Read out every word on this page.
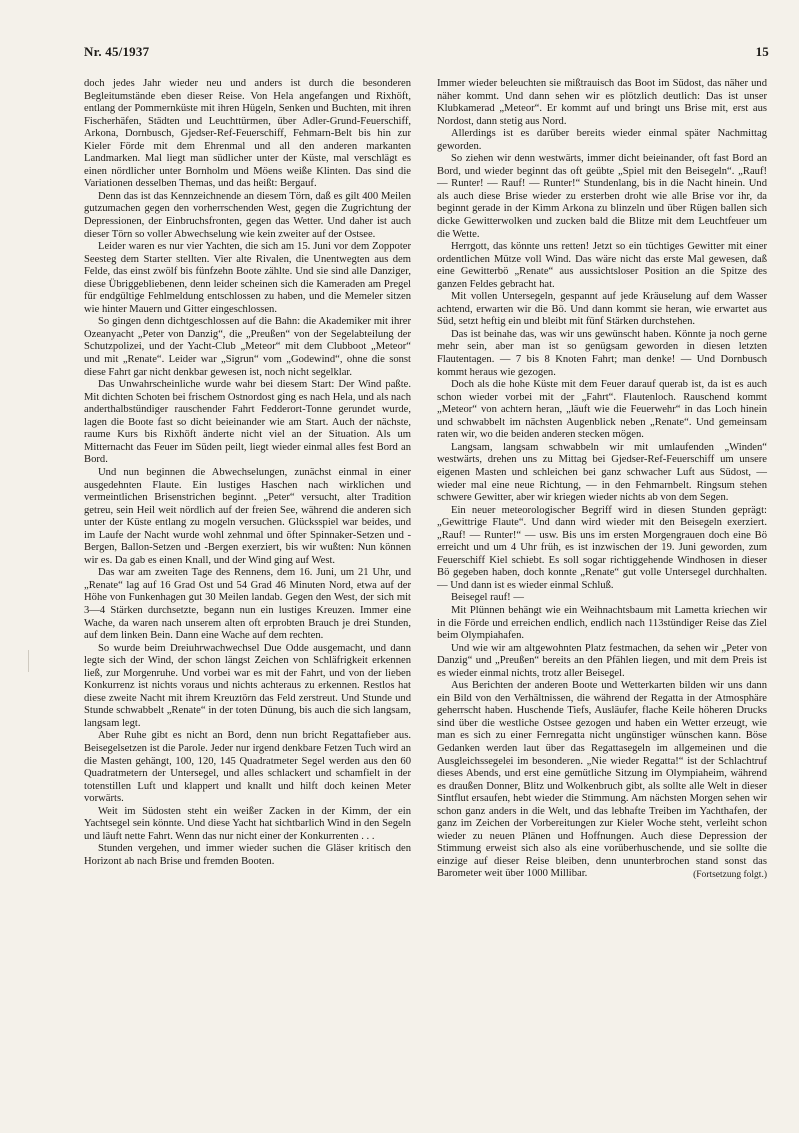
Nr. 45/1937	15

doch jedes Jahr wieder neu und anders ist durch die besonderen Begleitumstände eben dieser Reise. Von Hela angefangen und Rixhöft, entlang der Pommernküste mit ihren Hügeln, Senken und Buchten, mit ihren Fischerhäfen, Städten und Leuchttürmen, über Adler-Grund-Feuerschiff, Arkona, Dornbusch, Gjedser-Ref-Feuerschiff, Fehmarn-Belt bis hin zur Kieler Förde mit dem Ehrenmal und all den anderen markanten Landmarken. Mal liegt man südlicher unter der Küste, mal verschlägt es einen nördlicher unter Bornholm und Möens weiße Klinten. Das sind die Variationen desselben Themas, und das heißt: Bergauf.

Denn das ist das Kennzeichnende an diesem Törn, daß es gilt 400 Meilen gutzumachen gegen den vorherrschenden West, gegen die Zugrichtung der Depressionen, der Einbruchsfronten, gegen das Wetter. Und daher ist auch dieser Törn so voller Abwechselung wie kein zweiter auf der Ostsee.

Leider waren es nur vier Yachten, die sich am 15. Juni vor dem Zoppoter Seesteg dem Starter stellten. Vier alte Rivalen, die Unentwegten aus dem Felde, das einst zwölf bis fünfzehn Boote zählte. Und sie sind alle Danziger, diese Übriggebliebenen, denn leider scheinen sich die Kameraden am Pregel für endgültige Fehlmeldung entschlossen zu haben, und die Memeler sitzen wie hinter Mauern und Gitter eingeschlossen.

So gingen denn dichtgeschlossen auf die Bahn: die Akademiker mit ihrer Ozeanyacht „Peter von Danzig“, die „Preußen“ von der Segelabteilung der Schutzpolizei, und der Yacht-Club „Meteor“ mit dem Clubboot „Meteor“ und mit „Renate“. Leider war „Sigrun“ vom „Godewind“, ohne die sonst diese Fahrt gar nicht denkbar gewesen ist, noch nicht segelklar.

Das Unwahrscheinliche wurde wahr bei diesem Start: Der Wind paßte. Mit dichten Schoten bei frischem Ostnordost ging es nach Hela, und als nach anderthalbstündiger rauschender Fahrt Fedderort-Tonne gerundet wurde, lagen die Boote fast so dicht beieinander wie am Start. Auch der nächste, raume Kurs bis Rixhöft änderte nicht viel an der Situation. Als um Mitternacht das Feuer im Süden peilt, liegt wieder einmal alles fest Bord an Bord.

Und nun beginnen die Abwechselungen, zunächst einmal in einer ausgedehnten Flaute. Ein lustiges Haschen nach wirklichen und vermeintlichen Brisenstrichen beginnt. „Peter“ versucht, alter Tradition getreu, sein Heil weit nördlich auf der freien See, während die anderen sich unter der Küste entlang zu mogeln versuchen. Glücksspiel war beides, und im Laufe der Nacht wurde wohl zehnmal und öfter Spinnaker-Setzen und -Bergen, Ballon-Setzen und -Bergen exerziert, bis wir wußten: Nun können wir es. Da gab es einen Knall, und der Wind ging auf West.

Das war am zweiten Tage des Rennens, dem 16. Juni, um 21 Uhr, und „Renate“ lag auf 16 Grad Ost und 54 Grad 46 Minuten Nord, etwa auf der Höhe von Funkenhagen gut 30 Meilen landab. Gegen den West, der sich mit 3—4 Stärken durchsetzte, begann nun ein lustiges Kreuzen. Immer eine Wache, da waren nach unserem alten oft erprobten Brauch je drei Stunden, auf dem linken Bein. Dann eine Wache auf dem rechten.

So wurde beim Dreiuhrwachwechsel Due Odde ausgemacht, und dann legte sich der Wind, der schon längst Zeichen von Schläfrigkeit erkennen ließ, zur Morgenruhe. Und vorbei war es mit der Fahrt, und von der lieben Konkurrenz ist nichts voraus und nichts achteraus zu erkennen. Restlos hat diese zweite Nacht mit ihrem Kreuztörn das Feld zerstreut. Und Stunde und Stunde schwabbelt „Renate“ in der toten Dünung, bis auch die sich langsam, langsam legt.

Aber Ruhe gibt es nicht an Bord, denn nun bricht Regattafieber aus. Beisegelsetzen ist die Parole. Jeder nur irgend denkbare Fetzen Tuch wird an die Masten gehängt, 100, 120, 145 Quadratmeter Segel werden aus den 60 Quadratmetern der Untersegel, und alles schlackert und schamfielt in der totenstillen Luft und klappert und knallt und hilft doch keinen Meter vorwärts.

Weit im Südosten steht ein weißer Zacken in der Kimm, der ein Yachtsegel sein könnte. Und diese Yacht hat sichtbarlich Wind in den Segeln und läuft nette Fahrt. Wenn das nur nicht einer der Konkurrenten . . .

Stunden vergehen, und immer wieder suchen die Gläser kritisch den Horizont ab nach Brise und fremden Booten.

Immer wieder beleuchten sie mißtrauisch das Boot im Südost, das näher und näher kommt. Und dann sehen wir es plötzlich deutlich: Das ist unser Klubkamerad „Meteor“. Er kommt auf und bringt uns Brise mit, erst aus Nordost, dann stetig aus Nord.

Allerdings ist es darüber bereits wieder einmal später Nachmittag geworden.

So ziehen wir denn westwärts, immer dicht beieinander, oft fast Bord an Bord, und wieder beginnt das oft geübte „Spiel mit den Beisegeln“. „Rauf! — Runter! — Rauf! — Runter!“ Stundenlang, bis in die Nacht hinein. Und als auch diese Brise wieder zu ersterben droht wie alle Brise vor ihr, da beginnt gerade in der Kimm Arkona zu blinzeln und über Rügen ballen sich dicke Gewitterwolken und zucken bald die Blitze mit dem Leuchtfeuer um die Wette.

Herrgott, das könnte uns retten! Jetzt so ein tüchtiges Gewitter mit einer ordentlichen Mütze voll Wind. Das wäre nicht das erste Mal gewesen, daß eine Gewitterbö „Renate“ aus aussichtsloser Position an die Spitze des ganzen Feldes gebracht hat.

Mit vollen Untersegeln, gespannt auf jede Kräuselung auf dem Wasser achtend, erwarten wir die Bö. Und dann kommt sie heran, wie erwartet aus Süd, setzt heftig ein und bleibt mit fünf Stärken durchstehen.

Das ist beinahe das, was wir uns gewünscht haben. Könnte ja noch gerne mehr sein, aber man ist so genügsam geworden in diesen letzten Flautentagen. — 7 bis 8 Knoten Fahrt; man denke! — Und Dornbusch kommt heraus wie gezogen.

Doch als die hohe Küste mit dem Feuer darauf querab ist, da ist es auch schon wieder vorbei mit der „Fahrt“. Flautenloch. Rauschend kommt „Meteor“ von achtern heran, „läuft wie die Feuerwehr“ in das Loch hinein und schwabbelt im nächsten Augenblick neben „Renate“. Und gemeinsam raten wir, wo die beiden anderen stecken mögen.

Langsam, langsam schwabbeln wir mit umlaufenden „Winden“ westwärts, drehen uns zu Mittag bei Gjedser-Ref-Feuerschiff um unsere eigenen Masten und schleichen bei ganz schwacher Luft aus Südost, — wieder mal eine neue Richtung, — in den Fehmarnbelt. Ringsum stehen schwere Gewitter, aber wir kriegen wieder nichts ab von dem Segen.

Ein neuer meteorologischer Begriff wird in diesen Stunden geprägt: „Gewittrige Flaute“. Und dann wird wieder mit den Beisegeln exerziert. „Rauf! — Runter!“ — usw. Bis uns im ersten Morgengrauen doch eine Bö erreicht und um 4 Uhr früh, es ist inzwischen der 19. Juni geworden, zum Feuerschiff Kiel schiebt. Es soll sogar richtiggehende Windhosen in dieser Bö gegeben haben, doch konnte „Renate“ gut volle Untersegel durchhalten. — Und dann ist es wieder einmal Schluß.

Beisegel rauf! —

Mit Plünnen behängt wie ein Weihnachtsbaum mit Lametta kriechen wir in die Förde und erreichen endlich, endlich nach 113stündiger Reise das Ziel beim Olympiahafen.

Und wie wir am altgewohnten Platz festmachen, da sehen wir „Peter von Danzig“ und „Preußen“ bereits an den Pfählen liegen, und mit dem Preis ist es wieder einmal nichts, trotz aller Beisegel.

Aus Berichten der anderen Boote und Wetterkarten bilden wir uns dann ein Bild von den Verhältnissen, die während der Regatta in der Atmosphäre geherrscht haben. Huschende Tiefs, Ausläufer, flache Keile höheren Drucks sind über die westliche Ostsee gezogen und haben ein Wetter erzeugt, wie man es sich zu einer Fernregatta nicht ungünstiger wünschen kann. Böse Gedanken werden laut über das Regattasegeln im allgemeinen und die Ausgleichssegelei im besonderen. „Nie wieder Regatta!“ ist der Schlachtruf dieses Abends, und erst eine gemütliche Sitzung im Olympiaheim, während es draußen Donner, Blitz und Wolkenbruch gibt, als sollte alle Welt in dieser Sintflut ersaufen, hebt wieder die Stimmung. Am nächsten Morgen sehen wir schon ganz anders in die Welt, und das lebhafte Treiben im Yachthafen, der ganz im Zeichen der Vorbereitungen zur Kieler Woche steht, verleiht schon wieder zu neuen Plänen und Hoffnungen. Auch diese Depression der Stimmung erweist sich also als eine vorüberhuschende, und sie sollte die einzige auf dieser Reise bleiben, denn ununterbrochen stand sonst das Barometer weit über 1000 Millibar.	(Fortsetzung folgt.)
